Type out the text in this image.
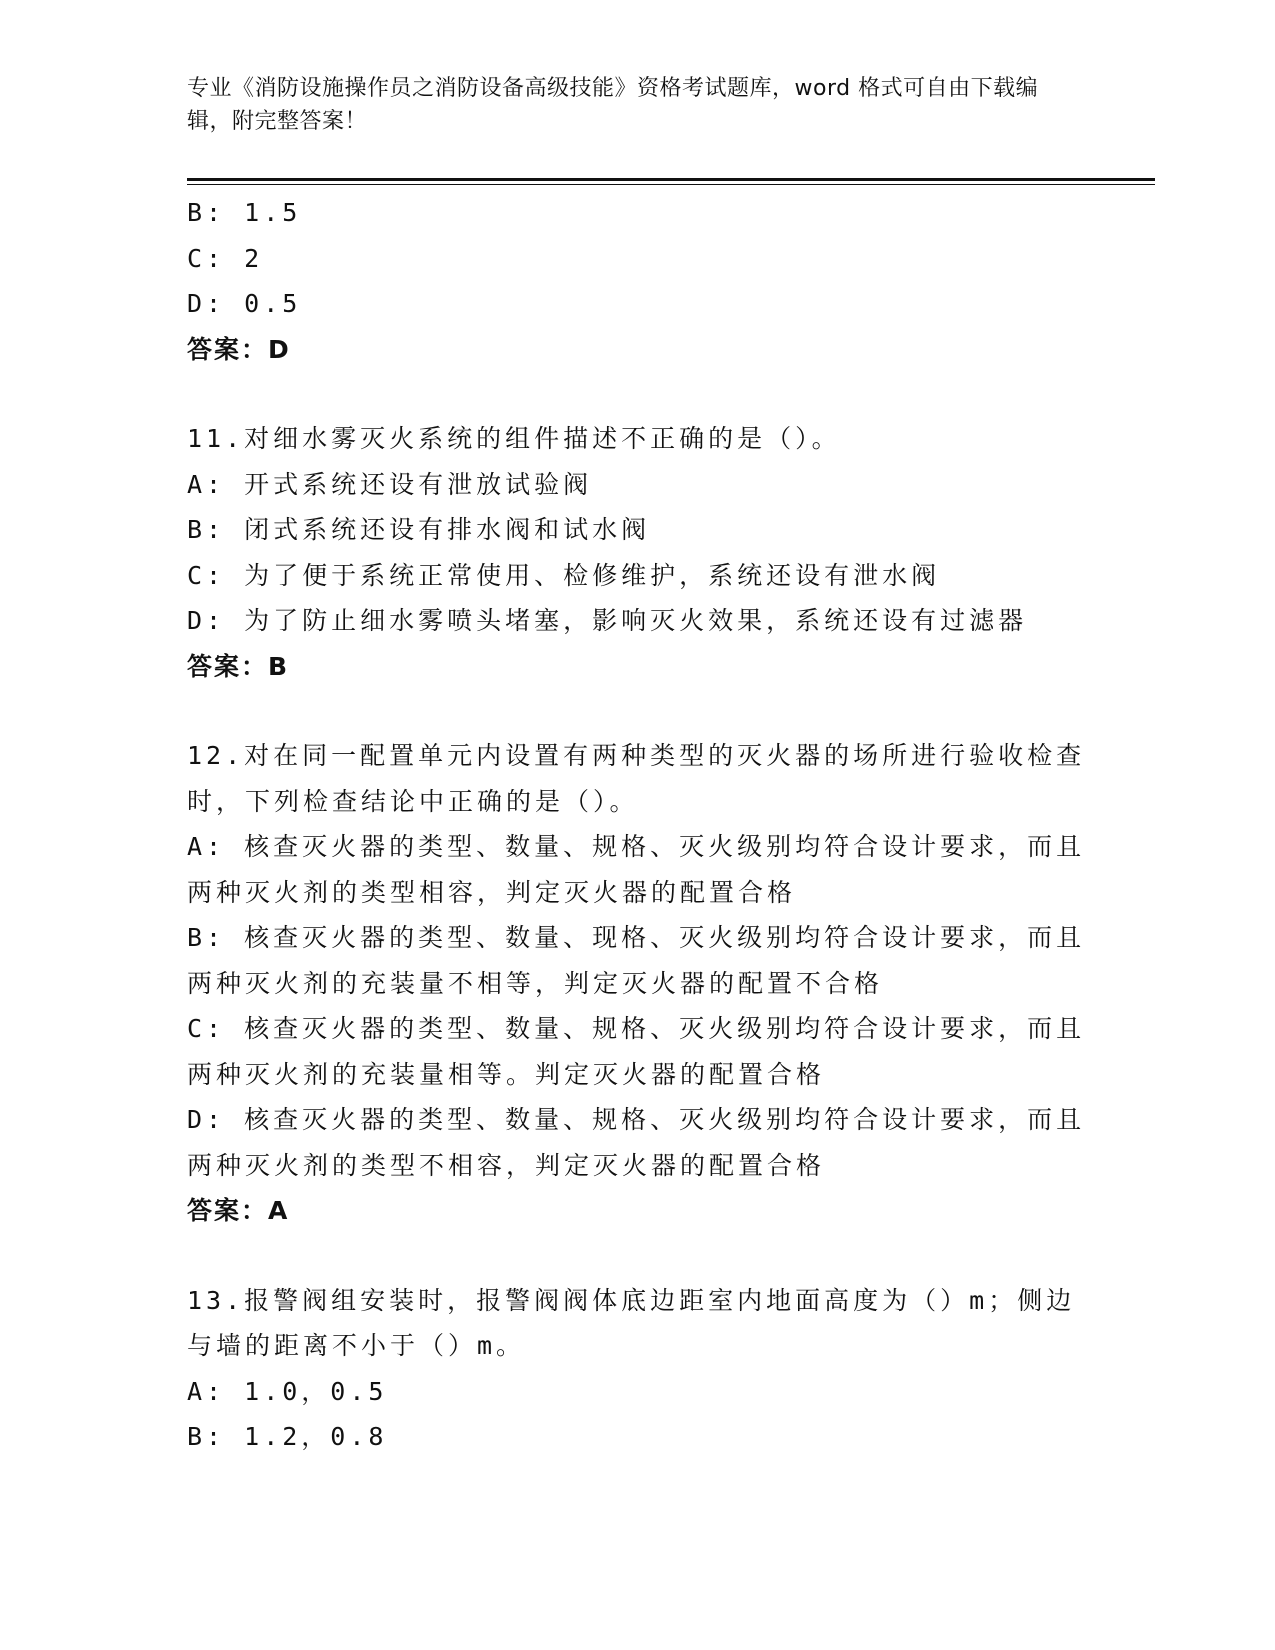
专业《消防设施操作员之消防设备高级技能》资格考试题库，word 格式可自由下载编辑，附完整答案！

B: 1.5

C: 2

D: 0.5

答案：D

11.对细水雾灭火系统的组件描述不正确的是（）。

A: 开式系统还设有泄放试验阀

B: 闭式系统还设有排水阀和试水阀

C: 为了便于系统正常使用、检修维护，系统还设有泄水阀

D: 为了防止细水雾喷头堵塞，影响灭火效果，系统还设有过滤器

答案：B

12.对在同一配置单元内设置有两种类型的灭火器的场所进行验收检查时，下列检查结论中正确的是（）。

A: 核查灭火器的类型、数量、规格、灭火级别均符合设计要求，而且两种灭火剂的类型相容，判定灭火器的配置合格

B: 核查灭火器的类型、数量、现格、灭火级别均符合设计要求，而且两种灭火剂的充装量不相等，判定灭火器的配置不合格

C: 核查灭火器的类型、数量、规格、灭火级别均符合设计要求，而且两种灭火剂的充装量相等。判定灭火器的配置合格

D: 核查灭火器的类型、数量、规格、灭火级别均符合设计要求，而且两种灭火剂的类型不相容，判定灭火器的配置合格

答案：A

13.报警阀组安装时，报警阀阀体底边距室内地面高度为（）m；侧边与墙的距离不小于（）m。

A: 1.0，0.5

B: 1.2，0.8
